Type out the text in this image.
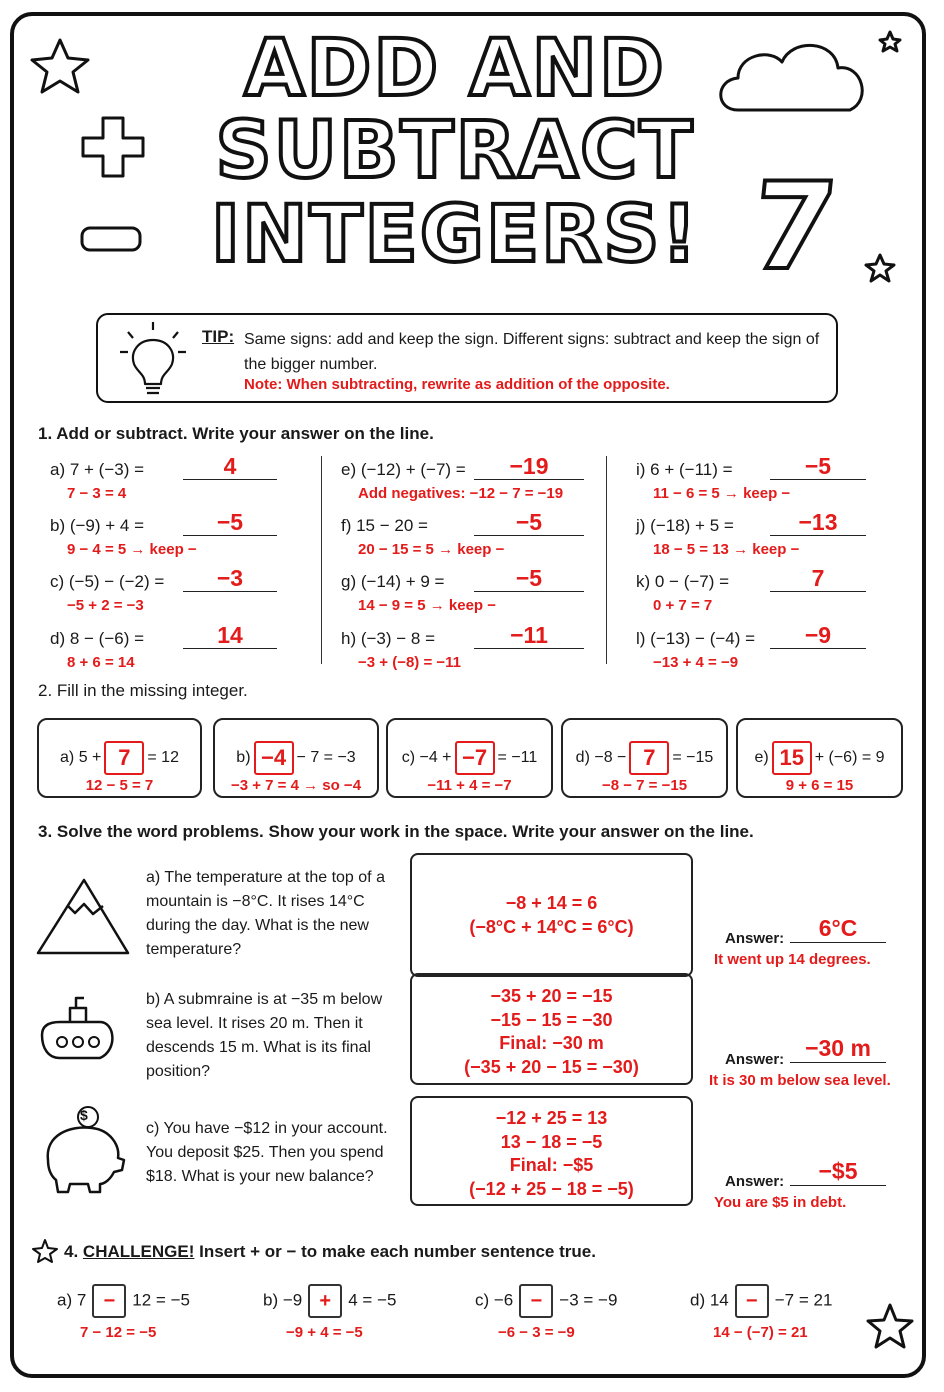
$
ADD AND
SUBTRACT
INTEGERS! 7
TIP: Same signs: add and keep the sign. Different signs: subtract and keep the sign of the bigger number.
Note: When subtracting, rewrite as addition of the opposite.
1. Add or subtract. Write your answer on the line.
a) 7 + (−3) =	4
7 − 3 = 4
b) (−9) + 4 =	−5
9 − 4 = 5 → keep −
c) (−5) − (−2) =	−3
−5 + 2 = −3
d) 8 − (−6) =	14
8 + 6 = 14
e) (−12) + (−7) =	−19
Add negatives: −12 − 7 = −19
f) 15 − 20 =	−5
20 − 15 = 5 → keep −
g) (−14) + 9 =	−5
14 − 9 = 5 → keep −
h) (−3) − 8 =	−11
−3 + (−8) = −11
i) 6 + (−11) =	−5
11 − 6 = 5 → keep −
j) (−18) + 5 =	−13
18 − 5 = 13 → keep −
k) 0 − (−7) =	7
0 + 7 = 7
l) (−13) − (−4) =	−9
−13 + 4 = −9
2. Fill in the missing integer.
a) 5 + 7 = 12
12 − 5 = 7
b) −4 − 7 = −3
−3 + 7 = 4 → so −4
c) −4 + −7 = −11
−11 + 4 = −7
d) −8 − 7 = −15
−8 − 7 = −15
e) 15 + (−6) = 9
9 + 6 = 15
3. Solve the word problems. Show your work in the space. Write your answer on the line.
a) The temperature at the top of a mountain is −8°C. It rises 14°C during the day. What is the new temperature?
−8 + 14 = 6
(−8°C + 14°C = 6°C)
Answer:	6°C
It went up 14 degrees.
b) A submraine is at −35 m below sea level. It rises 20 m. Then it descends 15 m. What is its final position?
−35 + 20 = −15
−15 − 15 = −30
Final: −30 m
(−35 + 20 − 15 = −30)	Answer: −30 m
It is 30 m below sea level.
c) You have −$12 in your account. You deposit $25. Then you spend $18. What is your new balance?
−12 + 25 = 13
13 − 18 = −5
Final: −$5
(−12 + 25 − 18 = −5)	Answer:	−$5
You are $5 in debt.
4. CHALLENGE! Insert + or − to make each number sentence true.
a) 7 − 12 = −5
7 − 12 = −5
b) −9 + 4 = −5
−9 + 4 = −5
c) −6 − −3 = −9
−6 − 3 = −9
d) 14 − −7 = 21
14 − (−7) = 21
